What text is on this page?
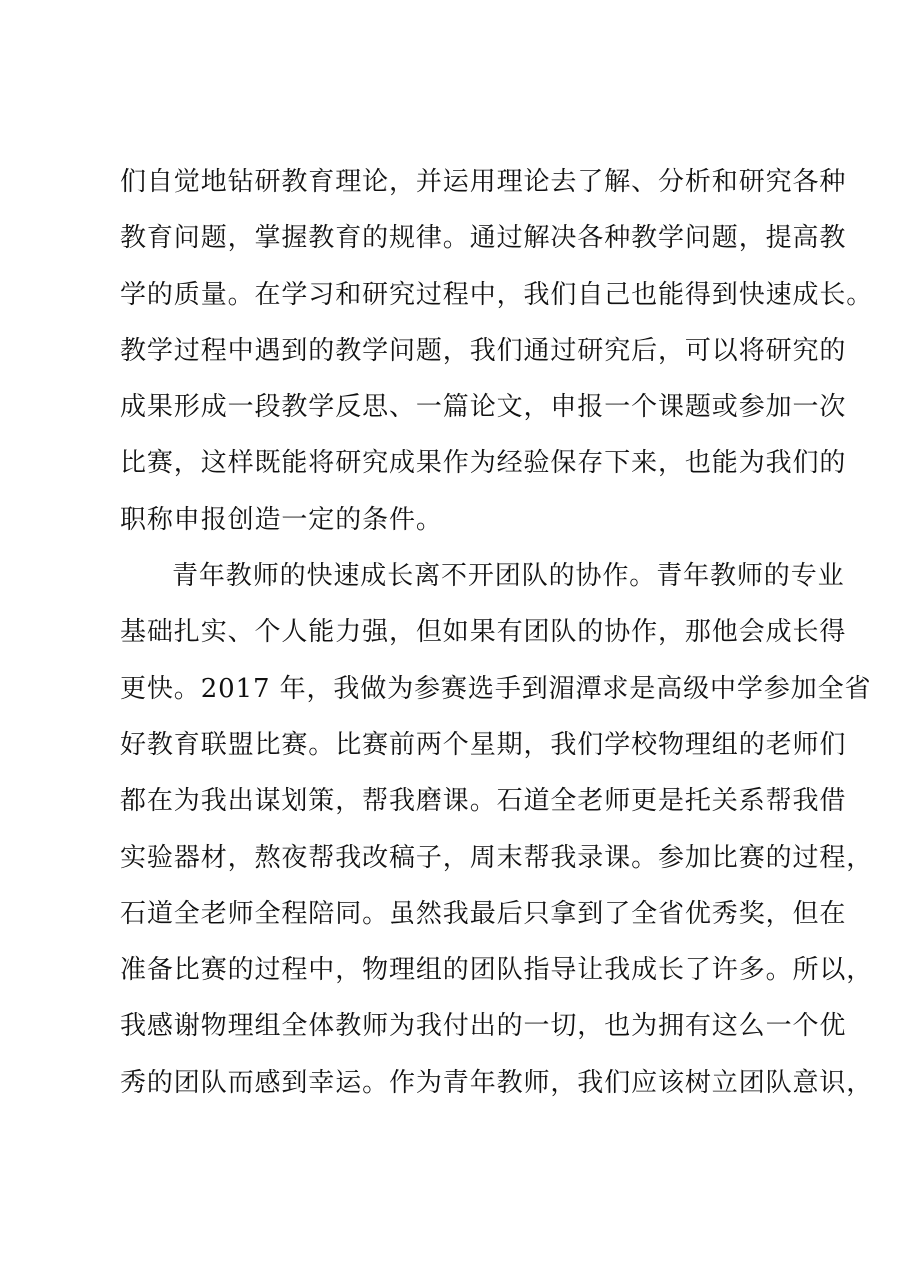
们自觉地钻研教育理论，并运用理论去了解、分析和研究各种
教育问题，掌握教育的规律。通过解决各种教学问题，提高教
学的质量。在学习和研究过程中，我们自己也能得到快速成长。
教学过程中遇到的教学问题，我们通过研究后，可以将研究的
成果形成一段教学反思、一篇论文，申报一个课题或参加一次
比赛，这样既能将研究成果作为经验保存下来，也能为我们的
职称申报创造一定的条件。
青年教师的快速成长离不开团队的协作。青年教师的专业
基础扎实、个人能力强，但如果有团队的协作，那他会成长得
更快。2017 年，我做为参赛选手到湄潭求是高级中学参加全省
好教育联盟比赛。比赛前两个星期，我们学校物理组的老师们
都在为我出谋划策，帮我磨课。石道全老师更是托关系帮我借
实验器材，熬夜帮我改稿子，周末帮我录课。参加比赛的过程，
石道全老师全程陪同。虽然我最后只拿到了全省优秀奖，但在
准备比赛的过程中，物理组的团队指导让我成长了许多。所以，
我感谢物理组全体教师为我付出的一切，也为拥有这么一个优
秀的团队而感到幸运。作为青年教师，我们应该树立团队意识，
